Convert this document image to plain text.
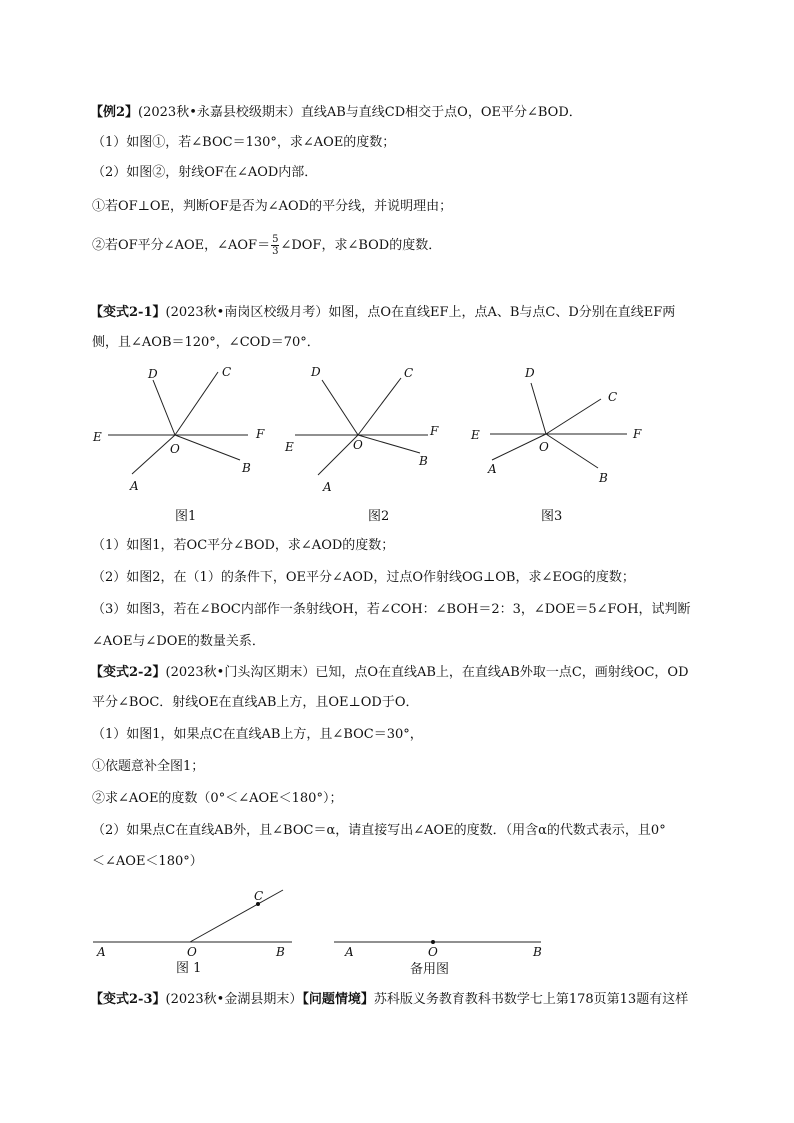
【例2】(2023秋•永嘉县校级期末）直线AB与直线CD相交于点O，OE平分∠BOD．
（1）如图①，若∠BOC＝130°，求∠AOE的度数；
（2）如图②，射线OF在∠AOD内部．
①若OF⊥OE，判断OF是否为∠AOD的平分线，并说明理由；
②若OF平分∠AOE，∠AOF＝ $\frac{5}{3}$ ∠DOF，求∠BOD的度数．
【变式2-1】(2023秋•南岗区校级月考）如图，点O在直线EF上，点A、B与点C、D分别在直线EF两
侧，且∠AOB＝120°，∠COD＝70°．
D	C
E	F
O
A
B
图1
D	C
E
F
O
A
B
图2
D
C
E	F
O
A
B
图3
（1）如图1，若OC平分∠BOD，求∠AOD的度数；
（2）如图2，在（1）的条件下，OE平分∠AOD，过点O作射线OG⊥OB，求∠EOG的度数；
（3）如图3，若在∠BOC内部作一条射线OH，若∠COH：∠BOH＝2：3，∠DOE＝5∠FOH，试判断
∠AOE与∠DOE的数量关系．
【变式2-2】(2023秋•门头沟区期末）已知，点O在直线AB上，在直线AB外取一点C，画射线OC，OD
平分∠BOC．射线OE在直线AB上方，且OE⊥OD于O．
（1）如图1，如果点C在直线AB上方，且∠BOC＝30°，
①依题意补全图1；
②求∠AOE的度数（0°＜∠AOE＜180°）；
（2）如果点C在直线AB外，且∠BOC＝α，请直接写出∠AOE的度数．（用含α的代数式表示，且0°
＜∠AOE＜180°）
C
A	O	B
图 1
A	O	B
备用图
【变式2-3】(2023秋•金湖县期末）【问题情境】苏科版义务教育教科书数学七上第178页第13题有这样
